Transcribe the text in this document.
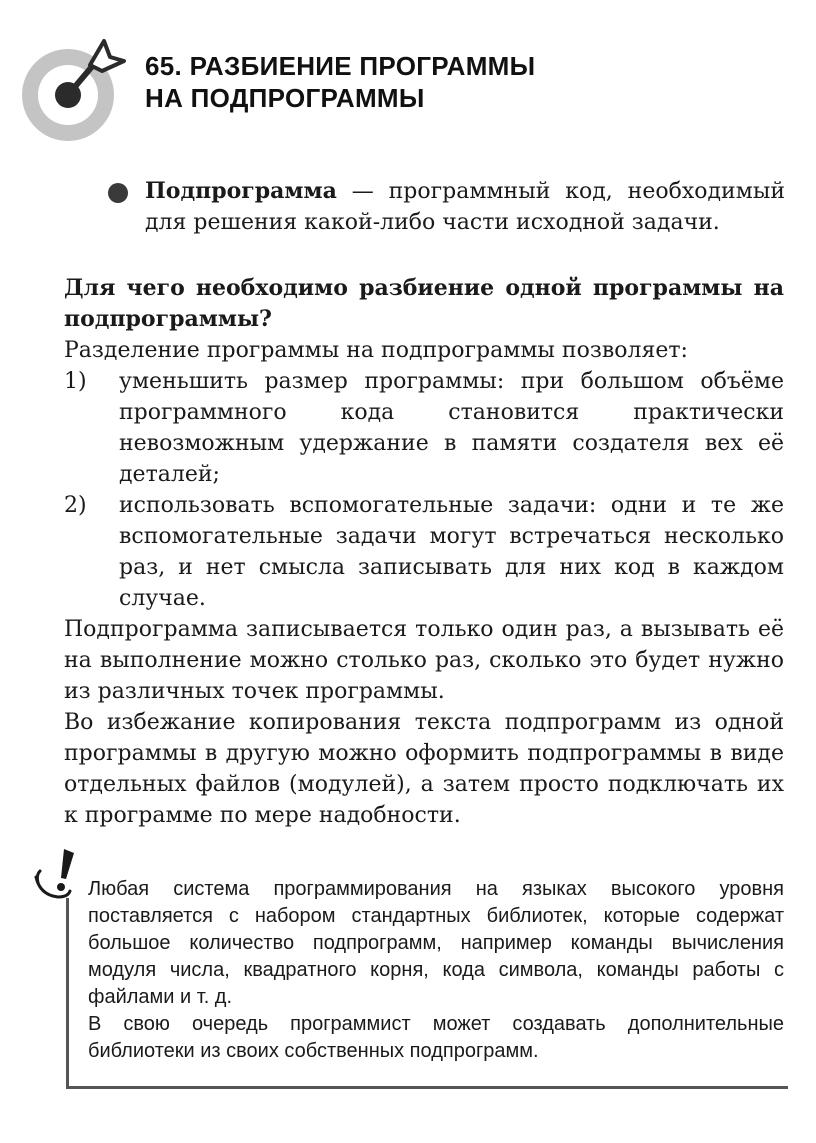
65. РАЗБИЕНИЕ ПРОГРАММЫ
НА ПОДПРОГРАММЫ
Подпрограмма — программный код, необходимый для решения какой-либо части исходной задачи.

Для чего необходимо разбиение одной программы на подпрограммы?

Разделение программы на подпрограммы позволяет:

1) уменьшить размер программы: при большом объёме программного кода становится практически невозможным удержание в памяти создателя вех её деталей;
2) использовать вспомогательные задачи: одни и те же вспомогательные задачи могут встречаться несколько раз, и нет смысла записывать для них код в каждом случае.

Подпрограмма записывается только один раз, а вызывать её на выполнение можно столько раз, сколько это будет нужно из различных точек программы.

Во избежание копирования текста подпрограмм из одной программы в другую можно оформить подпрограммы в виде отдельных файлов (модулей), а затем просто подключать их к программе по мере надобности.

Любая система программирования на языках высокого уровня поставляется с набором стандартных библиотек, которые содержат большое количество подпрограмм, например команды вычисления модуля числа, квадратного корня, кода символа, команды работы с файлами и т. д.

В свою очередь программист может создавать дополнительные библиотеки из своих собственных подпрограмм.
